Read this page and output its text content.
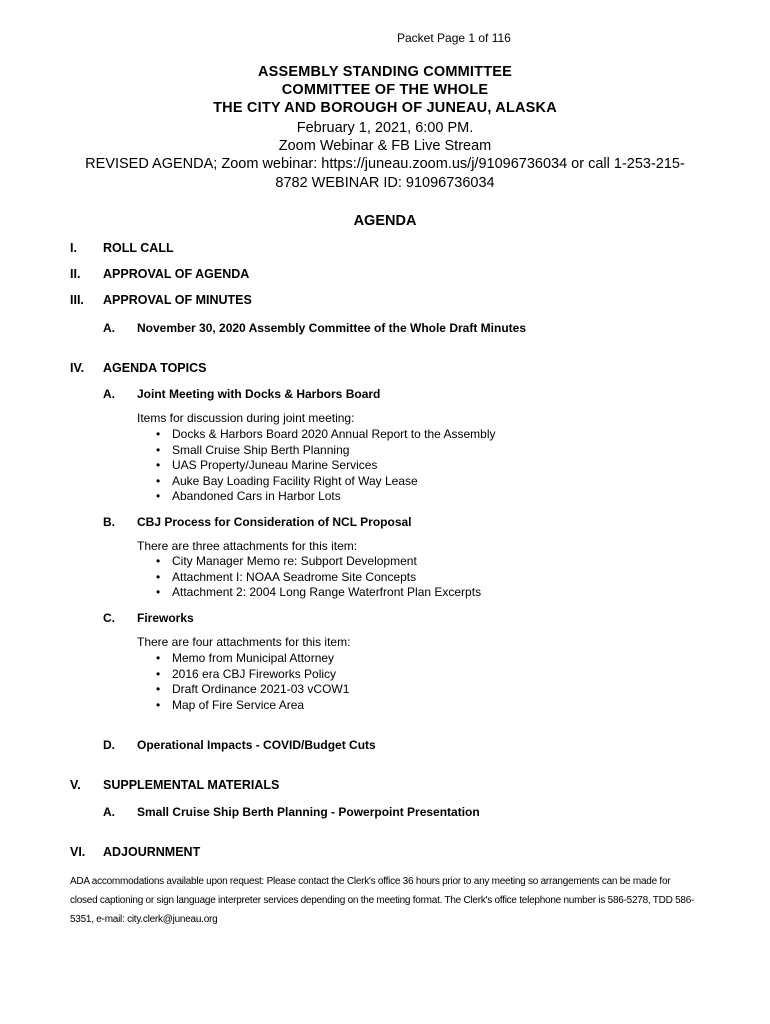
Packet Page 1 of 116
ASSEMBLY STANDING COMMITTEE
COMMITTEE OF THE WHOLE
THE CITY AND BOROUGH OF JUNEAU, ALASKA
February 1, 2021, 6:00 PM.
Zoom Webinar & FB Live Stream
REVISED AGENDA; Zoom webinar: https://juneau.zoom.us/j/91096736034 or call 1-253-215-
8782 WEBINAR ID: 91096736034
AGENDA
I. ROLL CALL
II. APPROVAL OF AGENDA
III. APPROVAL OF MINUTES
A. November 30, 2020 Assembly Committee of the Whole Draft Minutes
IV. AGENDA TOPICS
A. Joint Meeting with Docks & Harbors Board
Items for discussion during joint meeting:
• Docks & Harbors Board 2020 Annual Report to the Assembly
• Small Cruise Ship Berth Planning
• UAS Property/Juneau Marine Services
• Auke Bay Loading Facility Right of Way Lease
• Abandoned Cars in Harbor Lots
B. CBJ Process for Consideration of NCL Proposal
There are three attachments for this item:
• City Manager Memo re: Subport Development
• Attachment I: NOAA Seadrome Site Concepts
• Attachment 2: 2004 Long Range Waterfront Plan Excerpts
C. Fireworks
There are four attachments for this item:
• Memo from Municipal Attorney
• 2016 era CBJ Fireworks Policy
• Draft Ordinance 2021-03 vCOW1
• Map of Fire Service Area
D. Operational Impacts - COVID/Budget Cuts
V. SUPPLEMENTAL MATERIALS
A. Small Cruise Ship Berth Planning - Powerpoint Presentation
VI. ADJOURNMENT
ADA accommodations available upon request: Please contact the Clerk's office 36 hours prior to any meeting so arrangements can be made for closed captioning or sign language interpreter services depending on the meeting format. The Clerk's office telephone number is 586-5278, TDD 586-5351, e-mail: city.clerk@juneau.org
